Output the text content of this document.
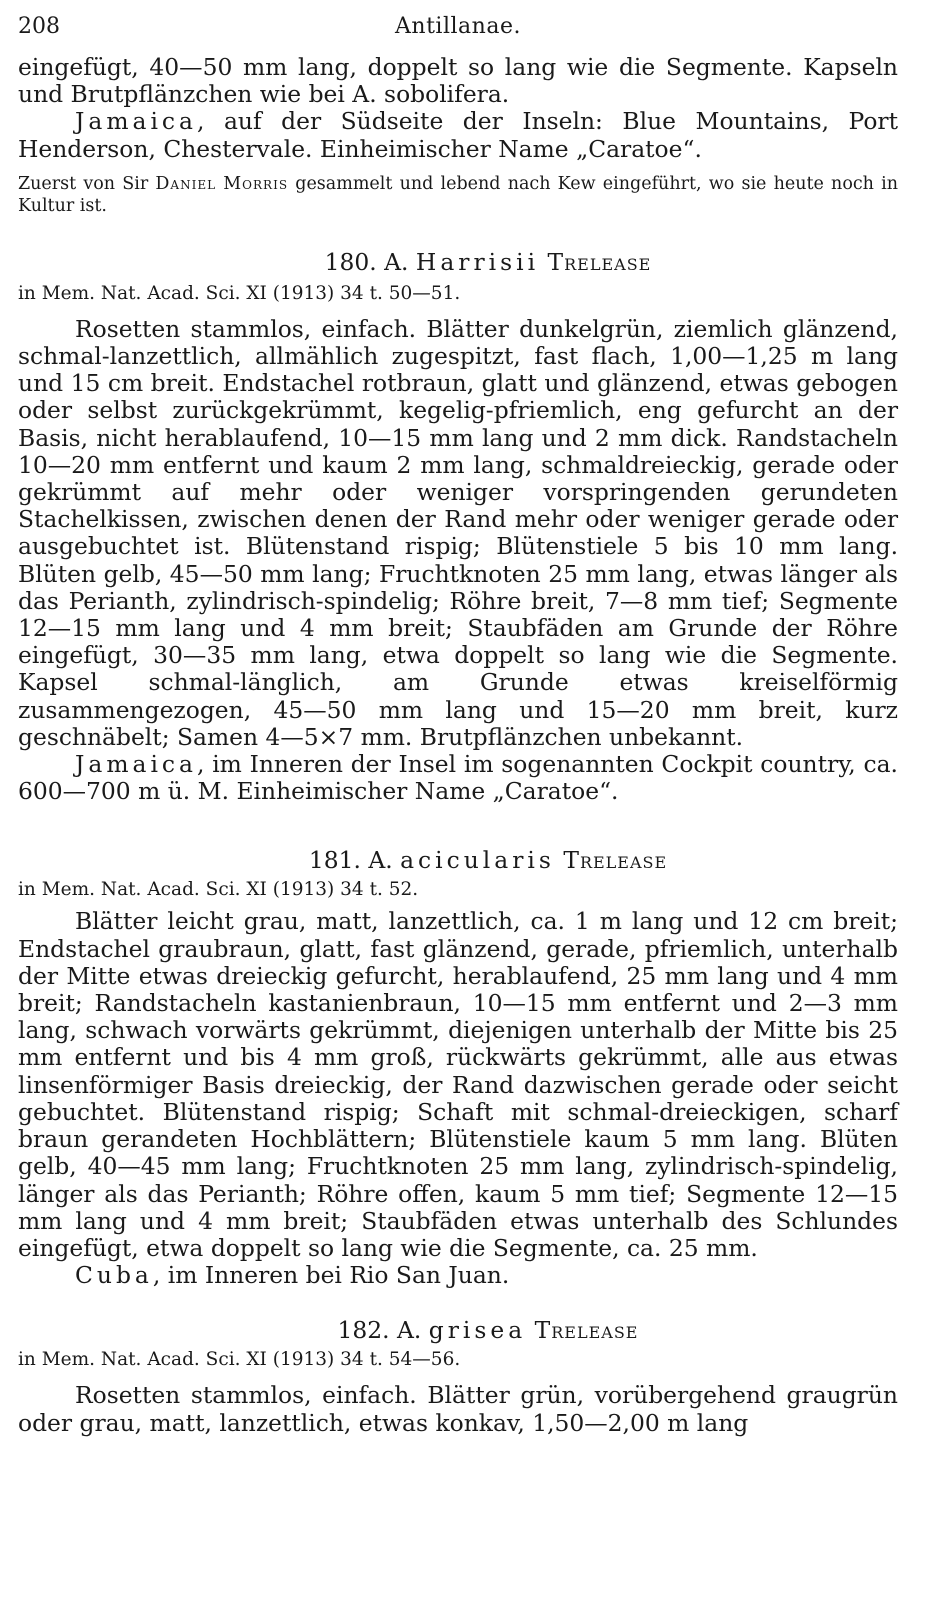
208	Antillanae.

eingefügt, 40—50 mm lang, doppelt so lang wie die Segmente. Kapseln und Brutpflänzchen wie bei A. sobolifera.

Jamaica, auf der Südseite der Inseln: Blue Mountains, Port Henderson, Chestervale. Einheimischer Name „Caratoe“.

Zuerst von Sir Daniel Morris gesammelt und lebend nach Kew eingeführt, wo sie heute noch in Kultur ist.

180. A. Harrisii Trelease

in Mem. Nat. Acad. Sci. XI (1913) 34 t. 50—51.

Rosetten stammlos, einfach. Blätter dunkelgrün, ziemlich glänzend, schmal-lanzettlich, allmählich zugespitzt, fast flach, 1,00—1,25 m lang und 15 cm breit. Endstachel rotbraun, glatt und glänzend, etwas gebogen oder selbst zurückgekrümmt, kegelig-pfriemlich, eng gefurcht an der Basis, nicht herablaufend, 10—15 mm lang und 2 mm dick. Randstacheln 10—20 mm entfernt und kaum 2 mm lang, schmaldreieckig, gerade oder gekrümmt auf mehr oder weniger vorspringenden gerundeten Stachelkissen, zwischen denen der Rand mehr oder weniger gerade oder ausgebuchtet ist. Blütenstand rispig; Blütenstiele 5 bis 10 mm lang. Blüten gelb, 45—50 mm lang; Fruchtknoten 25 mm lang, etwas länger als das Perianth, zylindrisch-spindelig; Röhre breit, 7—8 mm tief; Segmente 12—15 mm lang und 4 mm breit; Staubfäden am Grunde der Röhre eingefügt, 30—35 mm lang, etwa doppelt so lang wie die Segmente. Kapsel schmal-länglich, am Grunde etwas kreiselförmig zusammengezogen, 45—50 mm lang und 15—20 mm breit, kurz geschnäbelt; Samen 4—5×7 mm. Brutpflänzchen unbekannt.

Jamaica, im Inneren der Insel im sogenannten Cockpit country, ca. 600—700 m ü. M. Einheimischer Name „Caratoe“.

181. A. acicularis Trelease

in Mem. Nat. Acad. Sci. XI (1913) 34 t. 52.

Blätter leicht grau, matt, lanzettlich, ca. 1 m lang und 12 cm breit; Endstachel graubraun, glatt, fast glänzend, gerade, pfriemlich, unterhalb der Mitte etwas dreieckig gefurcht, herablaufend, 25 mm lang und 4 mm breit; Randstacheln kastanienbraun, 10—15 mm entfernt und 2—3 mm lang, schwach vorwärts gekrümmt, diejenigen unterhalb der Mitte bis 25 mm entfernt und bis 4 mm groß, rückwärts gekrümmt, alle aus etwas linsenförmiger Basis dreieckig, der Rand dazwischen gerade oder seicht gebuchtet. Blütenstand rispig; Schaft mit schmal-dreieckigen, scharf braun gerandeten Hochblättern; Blütenstiele kaum 5 mm lang. Blüten gelb, 40—45 mm lang; Fruchtknoten 25 mm lang, zylindrisch-spindelig, länger als das Perianth; Röhre offen, kaum 5 mm tief; Segmente 12—15 mm lang und 4 mm breit; Staubfäden etwas unterhalb des Schlundes eingefügt, etwa doppelt so lang wie die Segmente, ca. 25 mm.

Cuba, im Inneren bei Rio San Juan.

182. A. grisea Trelease

in Mem. Nat. Acad. Sci. XI (1913) 34 t. 54—56.

Rosetten stammlos, einfach. Blätter grün, vorübergehend graugrün oder grau, matt, lanzettlich, etwas konkav, 1,50—2,00 m lang
